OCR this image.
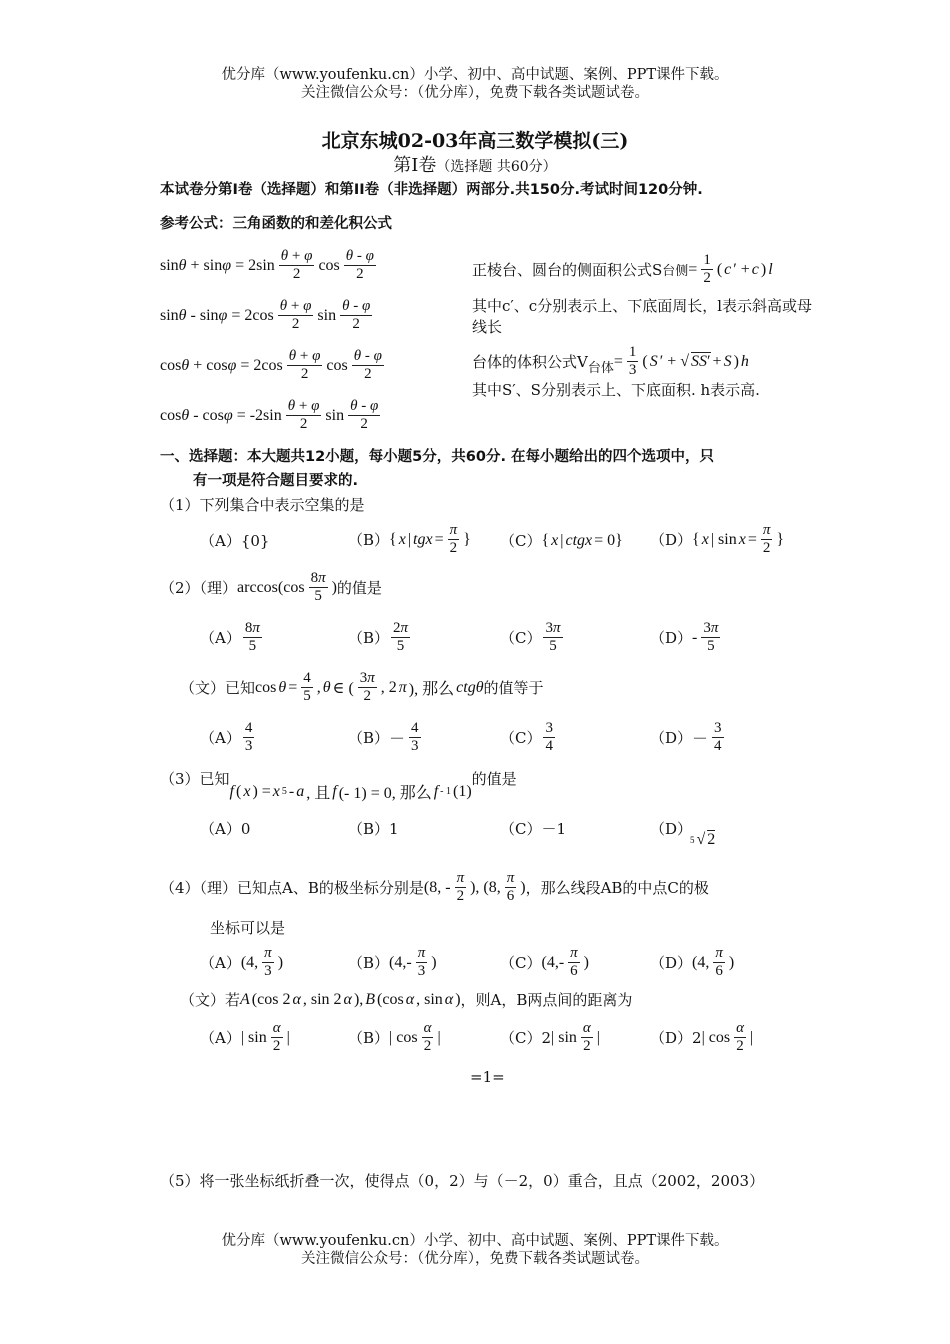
优分库（www.youfenku.cn）小学、初中、高中试题、案例、PPT课件下载。
关注微信公众号：（优分库），免费下载各类试题试卷。
北京东城02-03年高三数学模拟(三)
第I卷（选择题 共60分）
本试卷分第I卷（选择题）和第II卷（非选择题）两部分.共150分.考试时间120分钟.
参考公式：三角函数的和差化积公式
$\sin\theta + \sin\varphi = 2\sin \frac{\theta + \varphi}{2}$ $\cos \frac{\theta - \varphi}{2}$
$\sin\theta - \sin\varphi = 2\cos \frac{\theta + \varphi}{2}$ $\sin \frac{\theta - \varphi}{2}$
$\cos\theta + \cos\varphi = 2\cos \frac{\theta + \varphi}{2}$ $\cos \frac{\theta - \varphi}{2}$
$\cos\theta - \cos\varphi = -2\sin \frac{\theta + \varphi}{2}$ $\sin \frac{\theta - \varphi}{2}$
正棱台、圆台的侧面积公式S 台侧 = $\frac{1}{2}$ ( c ′ + c ) l
其中c′、c分别表示上、下底面周长，l表示斜高或母线长
台体的体积公式V 台体 = $\frac{1}{3}$ ( S ′ + √ SS′ + S ) h
其中S′、S分别表示上、下底面积. h表示高.
一、选择题：本大题共12小题，每小题5分，共60分. 在每小题给出的四个选项中，只
有一项是符合题目要求的.
（1）下列集合中表示空集的是
（A）{0}	（B） { x | tgx = $\frac{\pi}{2}$ } （C） { x | ctgx = 0} （D） { x | $\sin x = \frac{\pi}{2}$ }
（2）（理） $\arccos(\cos \frac{8\pi}{5}$ ) 的值是
$(A) \frac{8\pi}{5}$	$(B) \frac{2\pi}{5}$	$(C) \frac{3\pi}{5}$	$(D) - \frac{3\pi}{5}$
（文）已知 $\cos \theta = \frac{4}{5}$ , θ ∈ ( $\frac{3\pi}{2}$ , 2 π ), 那么 ctgθ 的值等于
$(A) \frac{4}{3}$	$(B) - \frac{4}{3}$	$(C) \frac{3}{4}$	$(D) - \frac{3}{4}$
（3）已知
f ( x ) = x 5 - a , 且 f (- 1) = 0, 那么 f - 1 (1)
的值是
（A）0	（B）1	（C）－1	（D）
5 √ 2
（4）（理）已知点A、B的极坐标分别是 (8, - $\frac{\pi}{2}$ ), (8, $\frac{\pi}{6}$ ) ，那么线段AB的中点C的极
坐标可以是
（A） (4, $\frac{\pi}{3}$ )	（B） ($4,- \frac{\pi}{3}$ )	（C） ($4,- \frac{\pi}{6}$ )	（D） (4, $\frac{\pi}{6}$ )
（文）若 A (cos 2 α , sin 2 α ), B (cos α , sin α ) ，则A，B两点间的距离为
（A） | $\sin \frac{\alpha}{2}$ |	（B） | $\cos \frac{\alpha}{2}$ |	（C）2 | $\sin \frac{\alpha}{2}$ |	（D）2 | $\cos \frac{\alpha}{2}$ |
=1=
（5）将一张坐标纸折叠一次，使得点（0，2）与（－2，0）重合，且点（2002，2003）
优分库（www.youfenku.cn）小学、初中、高中试题、案例、PPT课件下载。
关注微信公众号：（优分库），免费下载各类试题试卷。
